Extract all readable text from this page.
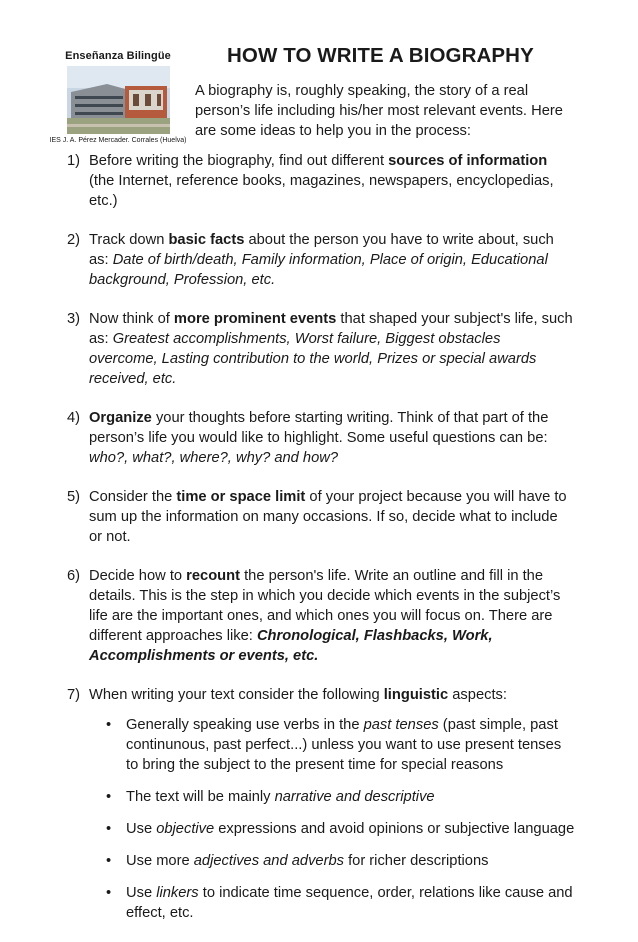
Enseñanza Bilingüe
IES J. A. Pérez Mercader. Corrales (Huelva)
HOW TO WRITE A BIOGRAPHY

A biography is, roughly speaking, the story of a real

person’s life including his/her most relevant events. Here

are some ideas to help you in the process:

1) Before writing the biography, find out different sources of information
(the Internet, reference books, magazines, newspapers, encyclopedias,
etc.)
2) Track down basic facts about the person you have to write about, such
as: Date of birth/death, Family information, Place of origin, Educational
background, Profession, etc.
3) Now think of more prominent events that shaped your subject's life, such
as: Greatest accomplishments, Worst failure, Biggest obstacles
overcome, Lasting contribution to the world, Prizes or special awards
received, etc.
4) Organize your thoughts before starting writing. Think of that part of the
person’s life you would like to highlight. Some useful questions can be:
who?, what?, where?, why? and how?
5) Consider the time or space limit of your project because you will have to
sum up the information on many occasions. If so, decide what to include
or not.
6) Decide how to recount the person's life. Write an outline and fill in the
details. This is the step in which you decide which events in the subject’s
life are the important ones, and which ones you will focus on. There are
different approaches like: Chronological, Flashbacks, Work,
Accomplishments or events, etc.
7) When writing your text consider the following linguistic aspects:
• Generally speaking use verbs in the past tenses (past simple, past
continunous, past perfect...) unless you want to use present tenses
to bring the subject to the present time for special reasons
• The text will be mainly narrative and descriptive
• Use objective expressions and avoid opinions or subjective language
• Use more adjectives and adverbs for richer descriptions
• Use linkers to indicate time sequence, order, relations like cause and
effect, etc.
